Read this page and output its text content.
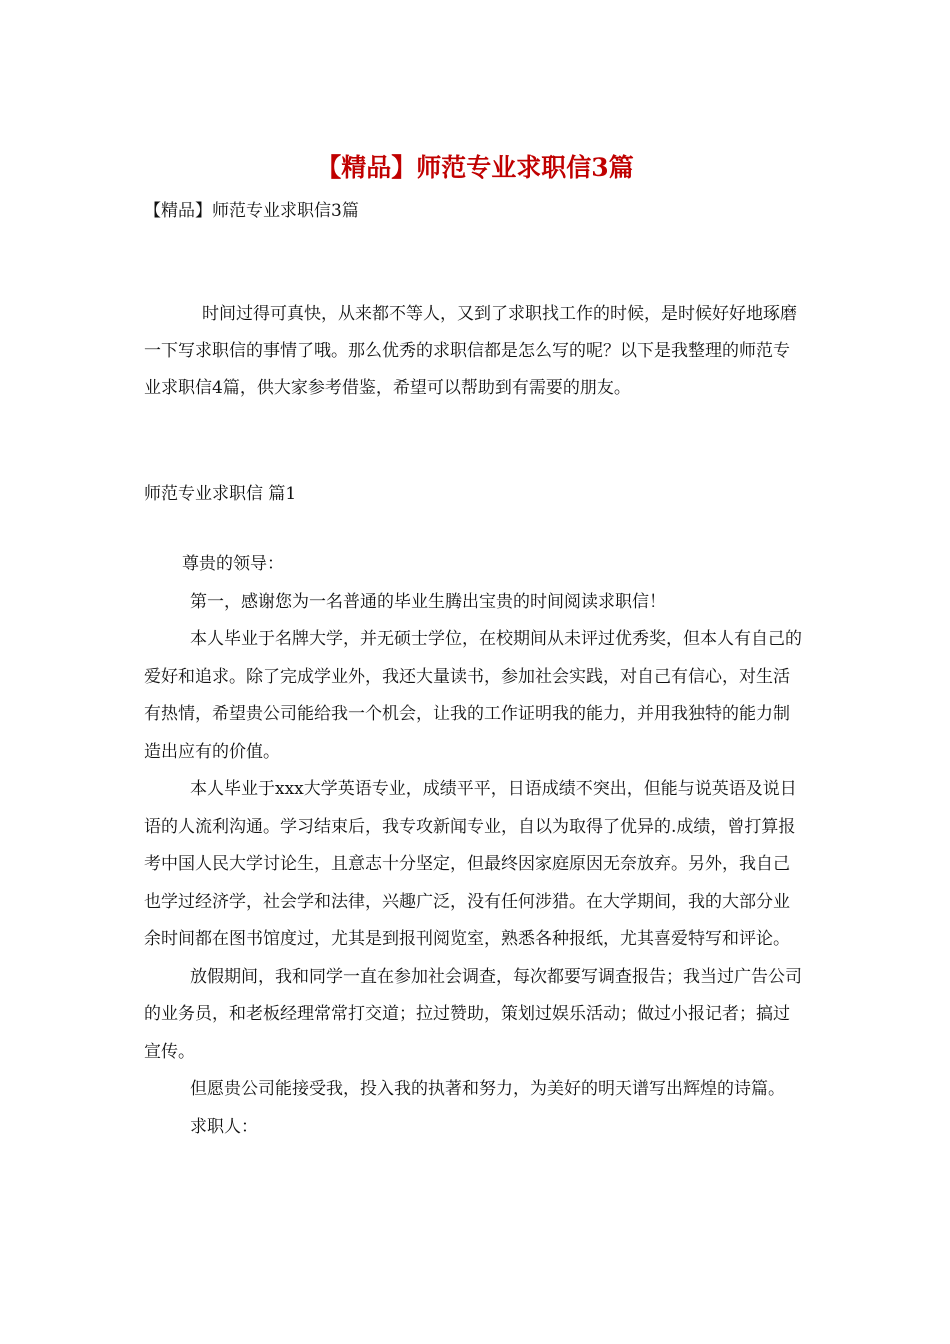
【精品】师范专业求职信3篇
【精品】师范专业求职信3篇

时间过得可真快，从来都不等人，又到了求职找工作的时候，是时候好好地琢磨一下写求职信的事情了哦。那么优秀的求职信都是怎么写的呢？以下是我整理的师范专业求职信4篇，供大家参考借鉴，希望可以帮助到有需要的朋友。

师范专业求职信 篇1

尊贵的领导：

第一，感谢您为一名普通的毕业生腾出宝贵的时间阅读求职信！

本人毕业于名牌大学，并无硕士学位，在校期间从未评过优秀奖，但本人有自己的爱好和追求。除了完成学业外，我还大量读书，参加社会实践，对自己有信心，对生活有热情，希望贵公司能给我一个机会，让我的工作证明我的能力，并用我独特的能力制造出应有的价值。

本人毕业于xxx大学英语专业，成绩平平，日语成绩不突出，但能与说英语及说日语的人流利沟通。学习结束后，我专攻新闻专业，自以为取得了优异的.成绩，曾打算报考中国人民大学讨论生，且意志十分坚定，但最终因家庭原因无奈放弃。另外，我自己也学过经济学，社会学和法律，兴趣广泛，没有任何涉猎。在大学期间，我的大部分业余时间都在图书馆度过，尤其是到报刊阅览室，熟悉各种报纸，尤其喜爱特写和评论。

放假期间，我和同学一直在参加社会调查，每次都要写调查报告；我当过广告公司的业务员，和老板经理常常打交道；拉过赞助，策划过娱乐活动；做过小报记者；搞过宣传。

但愿贵公司能接受我，投入我的执著和努力，为美好的明天谱写出辉煌的诗篇。

求职人：
